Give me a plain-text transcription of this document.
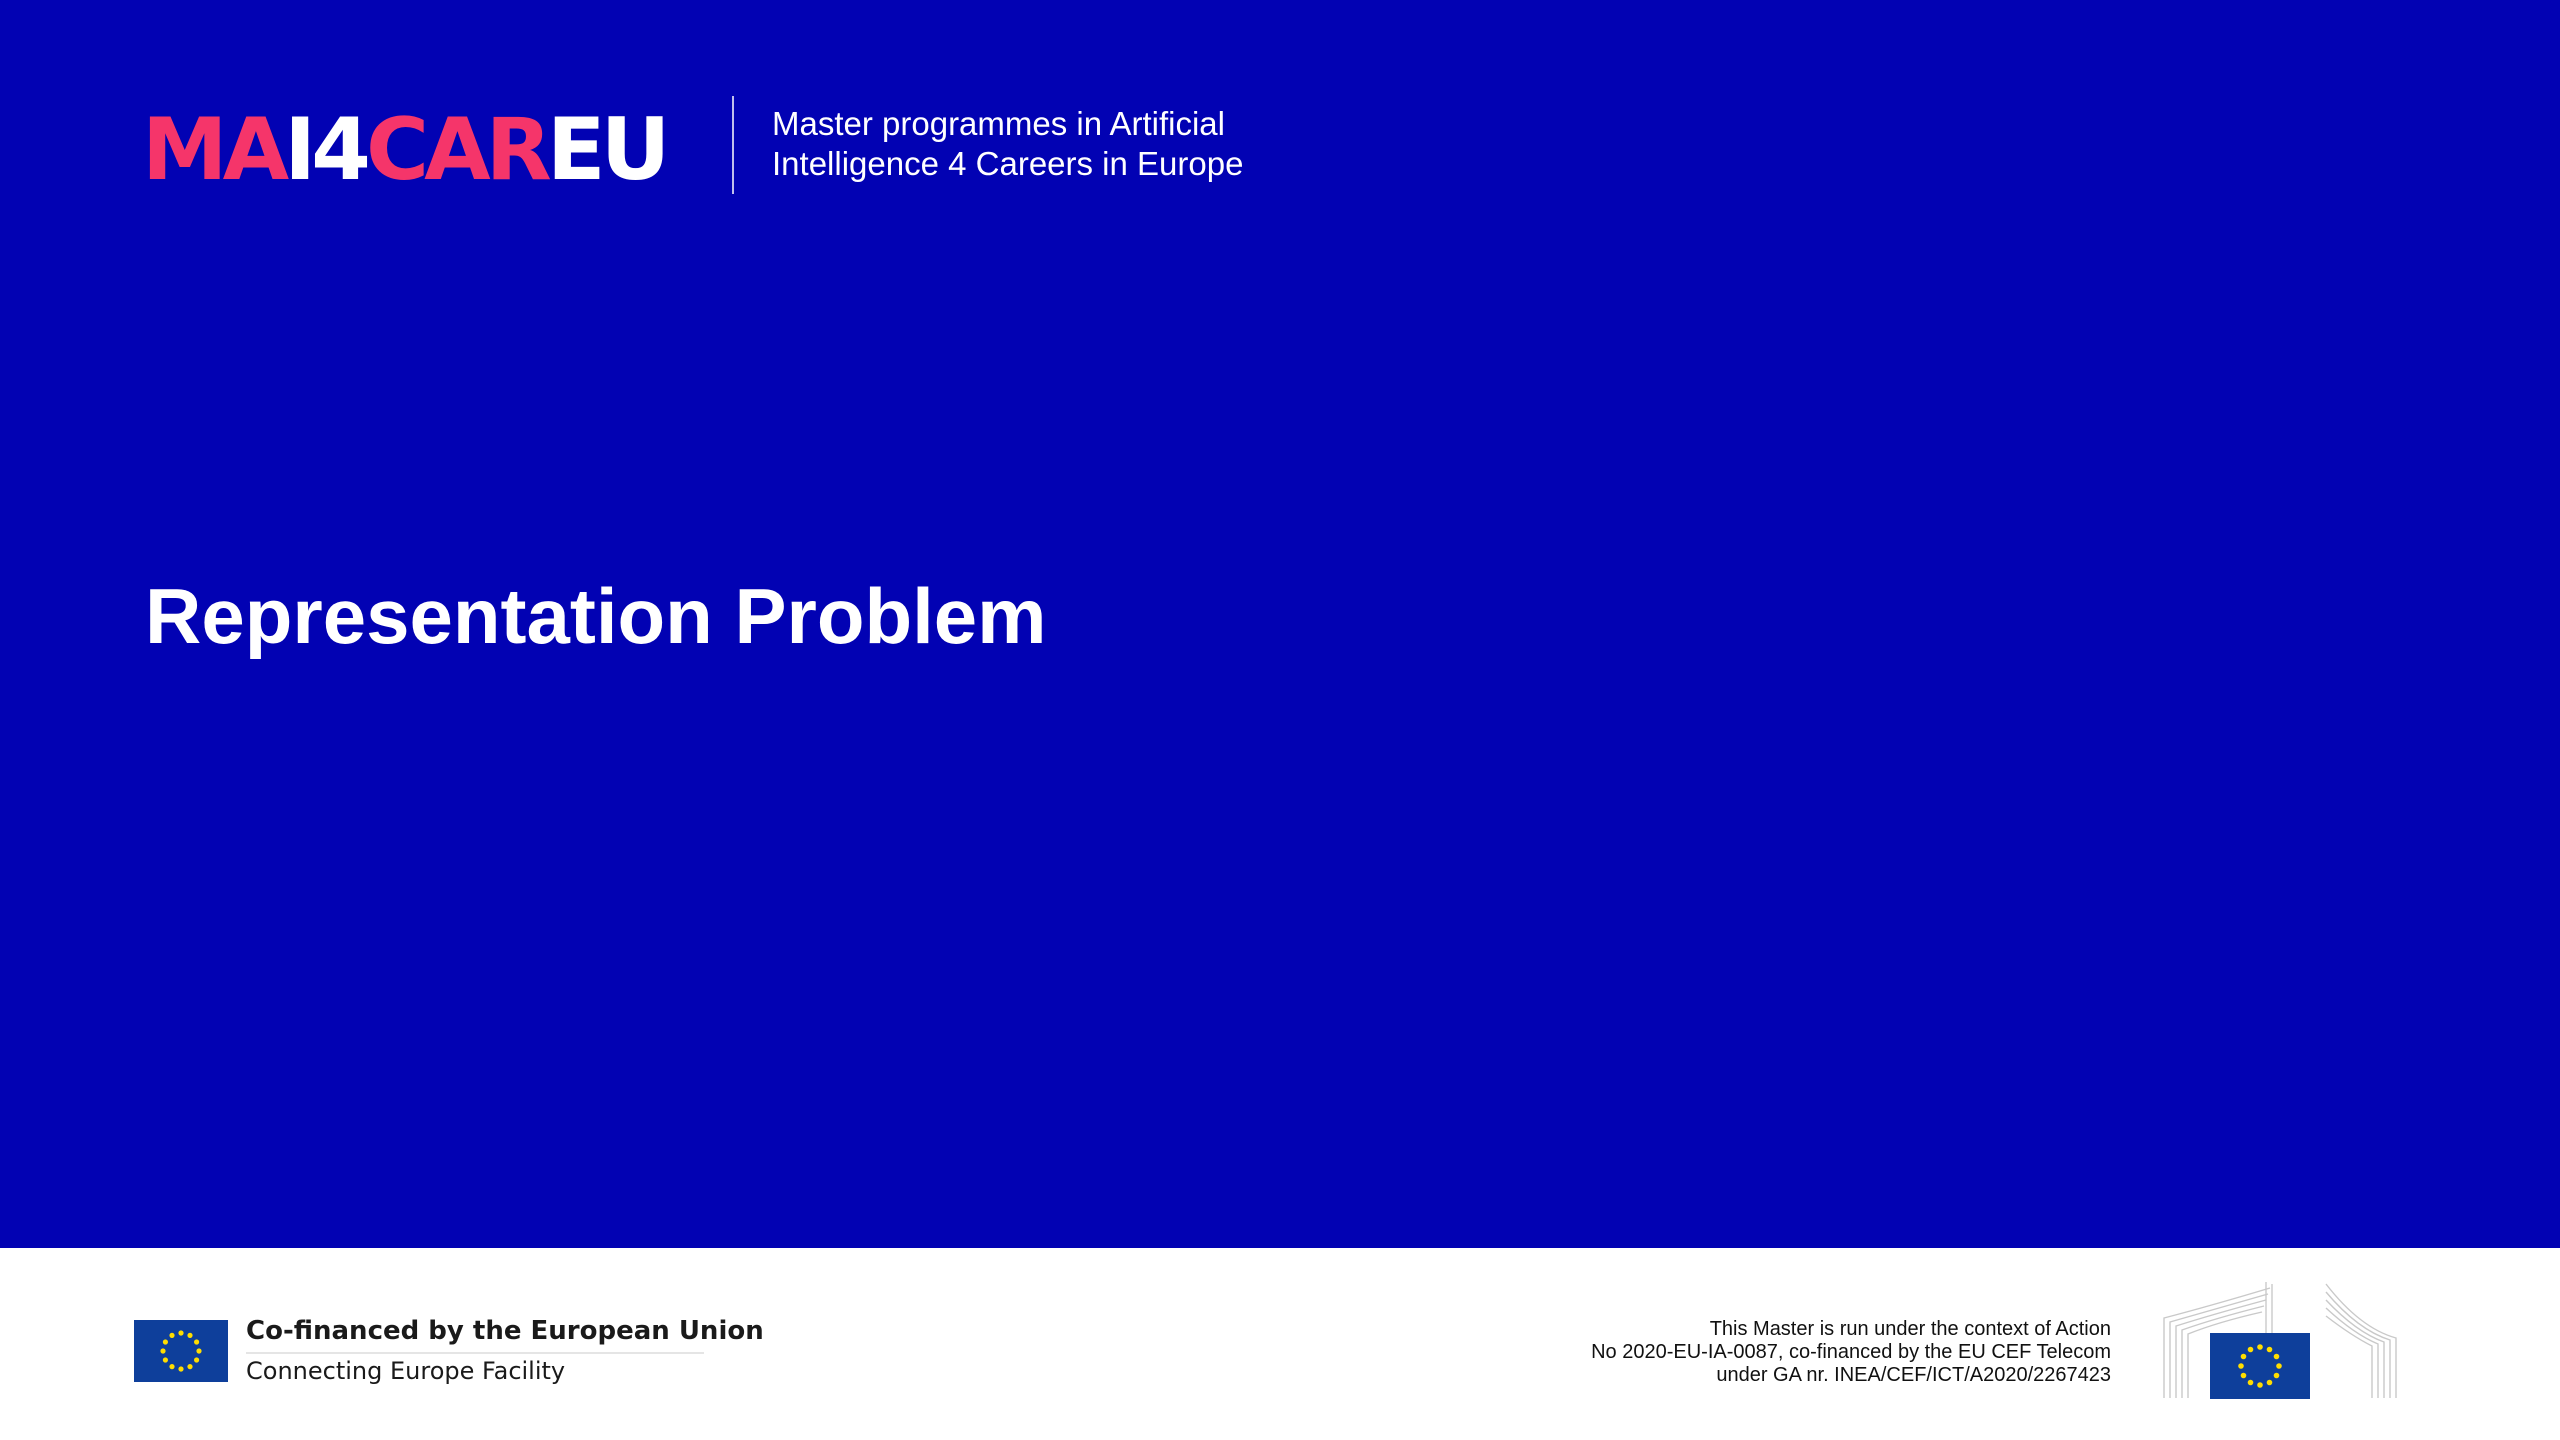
MAI4CAREU	Master programmes in Artificial
Intelligence 4 Careers in Europe
Representation Problem
Co-financed by the European Union
Connecting Europe Facility
This Master is run under the context of Action
No 2020-EU-IA-0087, co-financed by the EU CEF Telecom
under GA nr. INEA/CEF/ICT/A2020/2267423
